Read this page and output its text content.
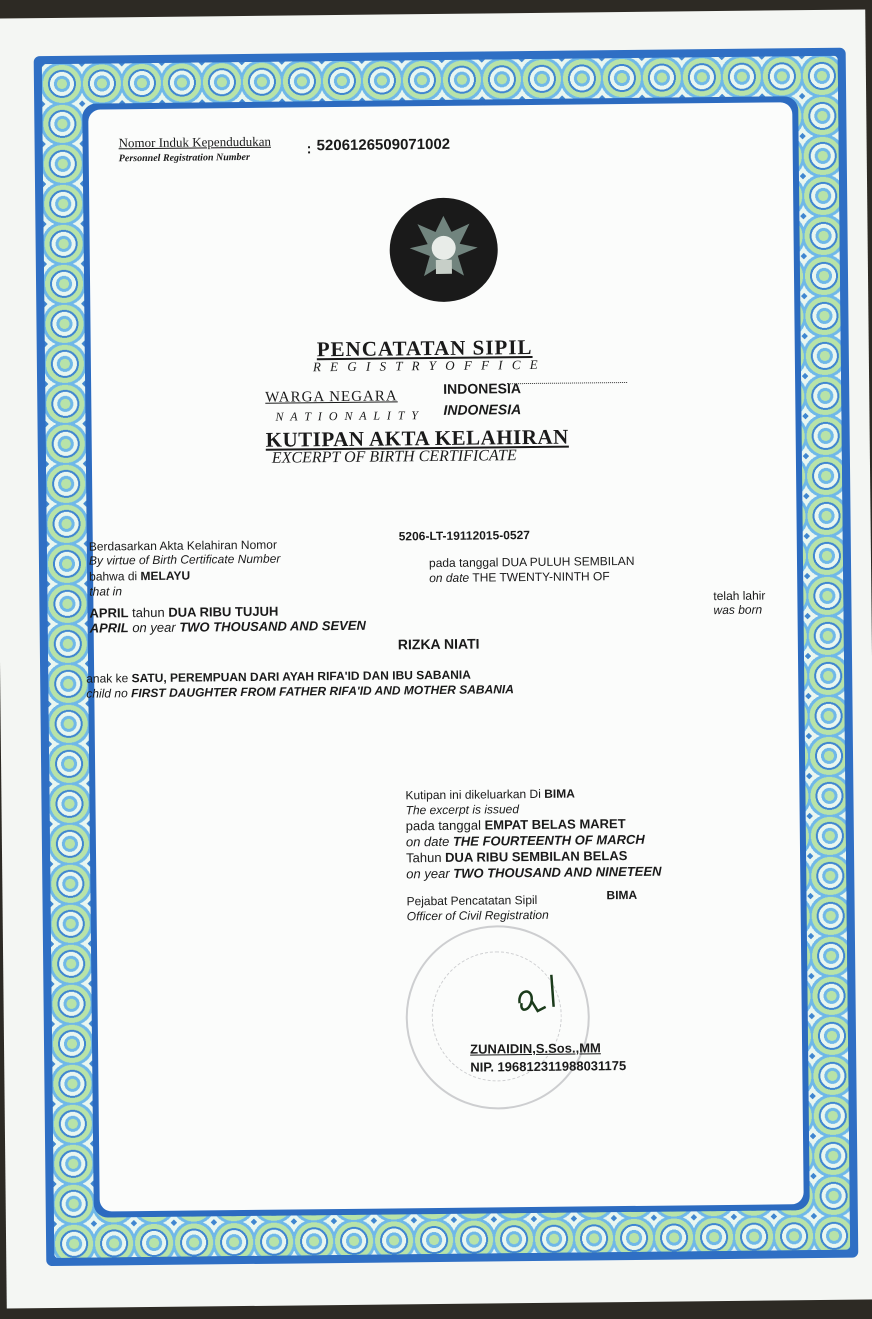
Nomor Induk Kependudukan
Personnel Registration Number
: 5206126509071002
PENCATATAN SIPIL
R E G I S T R Y O F F I C E
WARGA NEGARA	INDONESIA
N A T I O N A L I T Y INDONESIA
KUTIPAN AKTA KELAHIRAN
EXCERPT OF BIRTH CERTIFICATE
Berdasarkan Akta Kelahiran Nomor
By virtue of Birth Certificate Number
5206-LT-19112015-0527
bahwa di MELAYU
that in
pada tanggal DUA PULUH SEMBILAN
on date THE TWENTY-NINTH OF
telah lahir
was born
APRIL tahun DUA RIBU TUJUH
APRIL on year TWO THOUSAND AND SEVEN
RIZKA NIATI
anak ke SATU, PEREMPUAN DARI AYAH RIFA'ID DAN IBU SABANIA
child no FIRST DAUGHTER FROM FATHER RIFA'ID AND MOTHER SABANIA
Kutipan ini dikeluarkan Di BIMA
The excerpt is issued
pada tanggal EMPAT BELAS MARET
on date THE FOURTEENTH OF MARCH
Tahun DUA RIBU SEMBILAN BELAS
on year TWO THOUSAND AND NINETEEN
Pejabat Pencatatan Sipil	BIMA
Officer of Civil Registration
ZUNAIDIN,S.Sos.,MM
NIP. 196812311988031175
